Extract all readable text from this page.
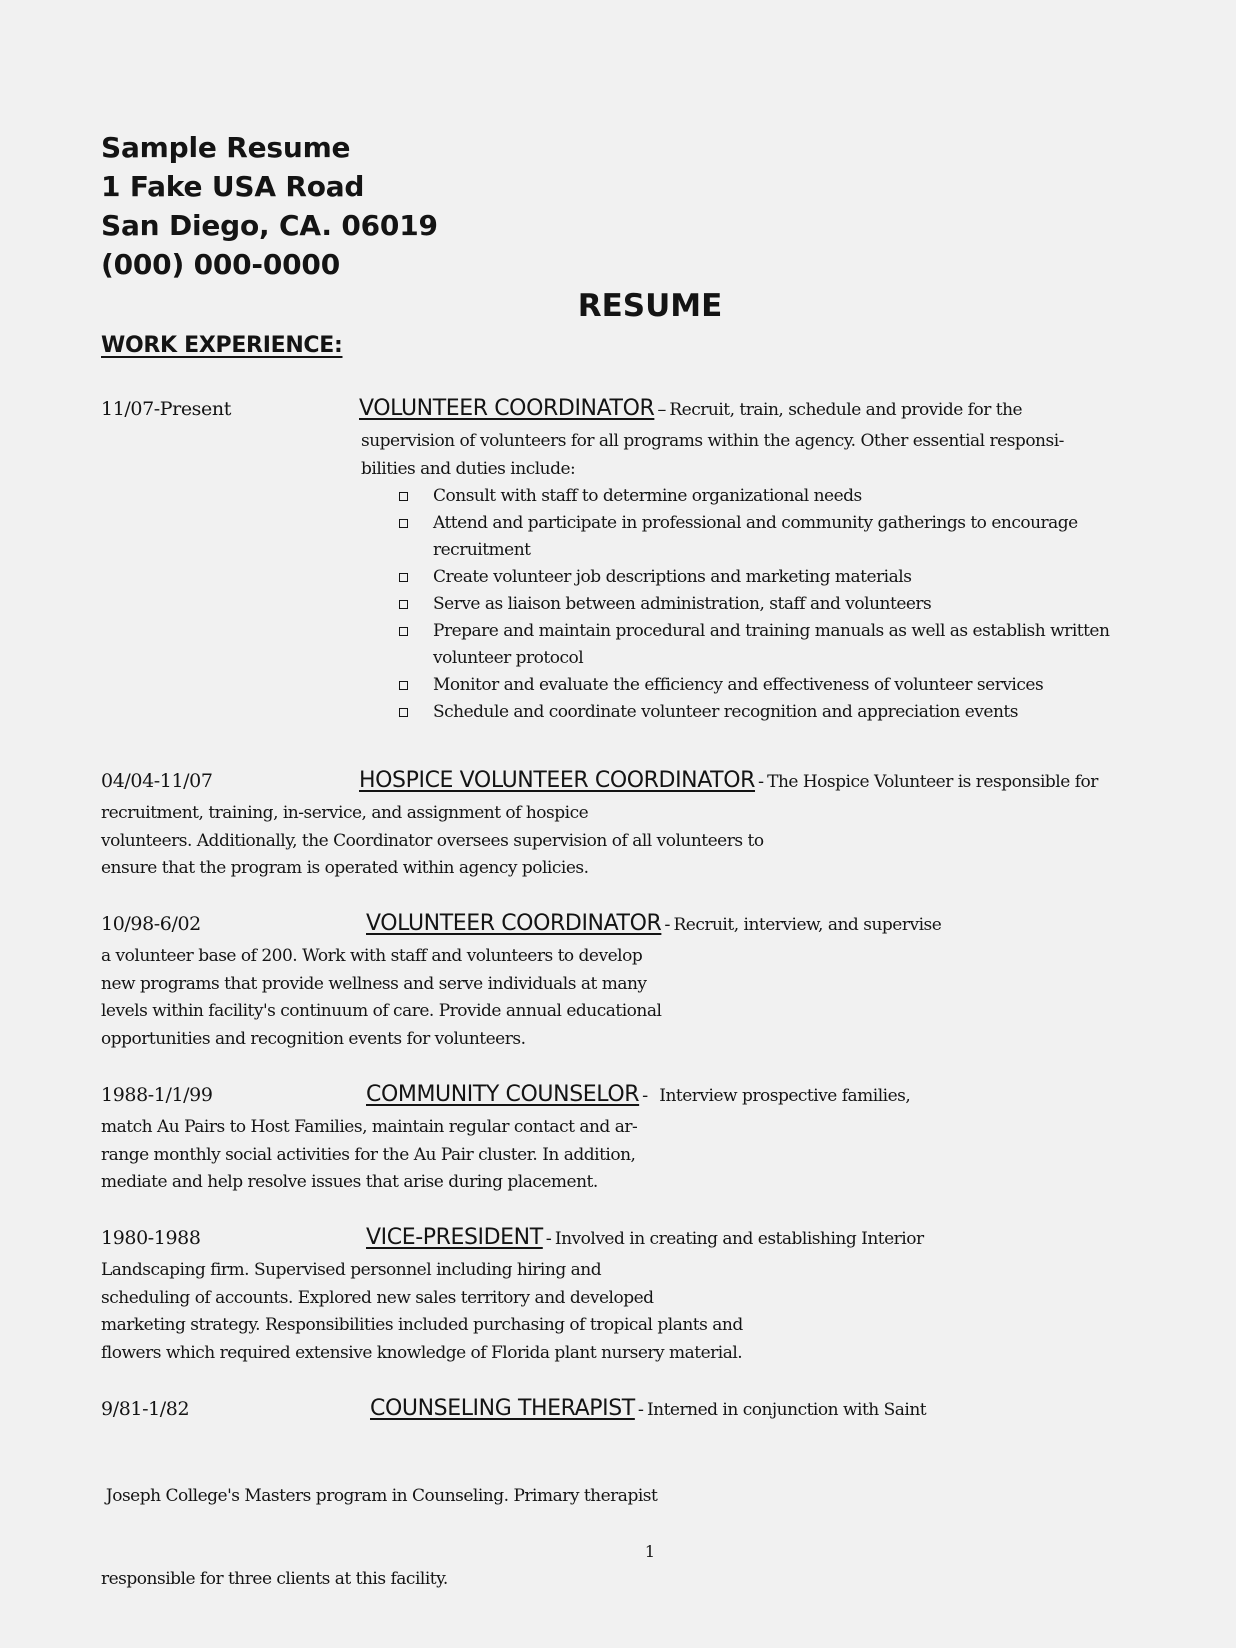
Sample Resume
1 Fake USA Road
San Diego, CA. 06019
(000) 000-0000
RESUME
WORK EXPERIENCE:
11/07-Present	VOLUNTEER COORDINATOR – Recruit, train, schedule and provide for the
supervision of volunteers for all programs within the agency. Other essential responsi-
bilities and duties include:
Consult with staff to determine organizational needs
Attend and participate in professional and community gatherings to encourage recruitment
Create volunteer job descriptions and marketing materials
Serve as liaison between administration, staff and volunteers
Prepare and maintain procedural and training manuals as well as establish written volunteer protocol
Monitor and evaluate the efficiency and effectiveness of volunteer services
Schedule and coordinate volunteer recognition and appreciation events
04/04-11/07	HOSPICE VOLUNTEER COORDINATOR - The Hospice Volunteer is responsible for
recruitment, training, in-service, and assignment of hospice
volunteers. Additionally, the Coordinator oversees supervision of all volunteers to
ensure that the program is operated within agency policies.
10/98-6/02	VOLUNTEER COORDINATOR - Recruit, interview, and supervise
a volunteer base of 200. Work with staff and volunteers to develop
new programs that provide wellness and serve individuals at many
levels within facility's continuum of care. Provide annual educational
opportunities and recognition events for volunteers.
1988-1/1/99	COMMUNITY COUNSELOR - Interview prospective families,
match Au Pairs to Host Families, maintain regular contact and ar-
range monthly social activities for the Au Pair cluster. In addition,
mediate and help resolve issues that arise during placement.
1980-1988	VICE-PRESIDENT - Involved in creating and establishing Interior
Landscaping firm. Supervised personnel including hiring and
scheduling of accounts. Explored new sales territory and developed
marketing strategy. Responsibilities included purchasing of tropical plants and
flowers which required extensive knowledge of Florida plant nursery material.
9/81-1/82	COUNSELING THERAPIST - Interned in conjunction with Saint

Joseph College's Masters program in Counseling. Primary therapist

responsible for three clients at this facility.

1
